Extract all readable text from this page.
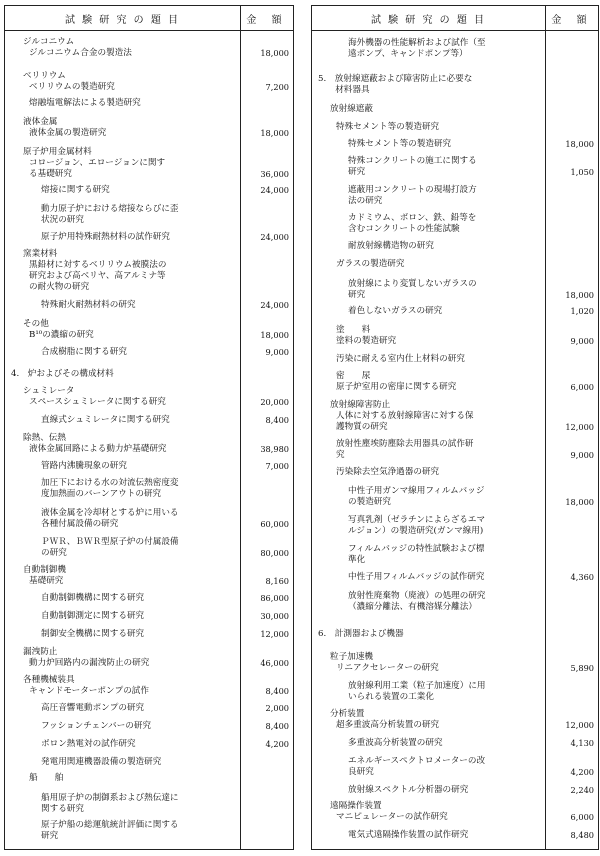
試 験 研 究 の 題 目	金 額
ジルコニウム
ジルコニウム合金の製造法	18,000
ベリリウム
ベリリウムの製造研究	7,200
熔融塩電解法による製造研究
液体金属
液体金属の製造研究	18,000
原子炉用金属材料
コロージョン、エロージョンに関す
る基礎研究	36,000
熔接に関する研究	24,000
動力原子炉における熔接ならびに歪
状況の研究
原子炉用特殊耐熱材料の試作研究	24,000
窯業材料
黒鉛材に対するベリリウム被膜法の
研究および高ベリヤ、高アルミナ等
の耐火物の研究
特殊耐火耐熱材料の研究	24,000
その他
B¹⁰の濃縮の研究	18,000
合成樹脂に関する研究	9,000
4.　炉およびその構成材料
シュミレータ
スペースシュミレータに関する研究	20,000
直線式シュミレータに関する研究	8,400
除熱、伝熱
液体金属回路による動力炉基礎研究	38,980
管路内沸騰現象の研究	7,000
加圧下における水の対流伝熱密度変
度加熱面のバーンアウトの研究
液体金属を冷却材とする炉に用いる
各種付属設備の研究	60,000
ＰＷＲ、ＢＷＲ型原子炉の付属設備
の研究	80,000
自動制御機
基礎研究	8,160
自動制御機構に関する研究	86,000
自動制御測定に関する研究	30,000
制御安全機構に関する研究	12,000
漏洩防止
動力炉回路内の漏洩防止の研究	46,000
各種機械装具
キャンドモーターポンプの試作	8,400
高圧音響電動ポンプの研究	2,000
フッションチェンバーの研究	8,400
ボロン熱電対の試作研究	4,200
発電用関連機器設備の製造研究
船　　舶
船用原子炉の制御系および熱伝達に
関する研究
原子炉船の総運航統計評価に関する
研究
試 験 研 究 の 題 目	金 額
海外機器の性能解析および試作（至
遠ポンプ、キャンドポンプ等）
5.　放射線遮蔽および障害防止に必要な
　　材料器具
放射線遮蔽
特殊セメント等の製造研究
特殊セメント等の製造研究	18,000
特殊コンクリートの施工に関する
研究	1,050
遮蔽用コンクリートの現場打設方
法の研究
カドミウム、ボロン、鉄、鉛等を
含むコンクリートの性能試験
耐放射線構造物の研究
ガラスの製造研究
放射線により変質しないガラスの
研究	18,000
着色しないガラスの研究	1,020
塗　　料
塗料の製造研究	9,000
汚染に耐える室内仕上材料の研究
密　　尿
原子炉室用の密扉に関する研究	6,000
放射線障害防止
人体に対する放射線障害に対する保
護物質の研究	12,000
放射性塵埃防塵除去用器具の試作研
究	9,000
汚染除去空気浄過器の研究
中性子用ガンマ線用フィルムバッジ
の製造研究	18,000
写真乳剤（ゼラチンによらざるエマ
ルジョン）の製造研究(ガンマ線用)
フィルムバッジの特性試験および標
準化
中性子用フィルムバッジの試作研究	4,360
放射性廃棄物（廃液）の処理の研究
（濃縮分離法、有機溶媒分離法）
6.　計測器および機器
粒子加速機
リニアクセレーターの研究	5,890
放射線利用工業（粒子加速度）に用
いられる装置の工業化
分析装置
超多重波高分析装置の研究	12,000
多重波高分析装置の研究	4,130
エネルギースペクトロメーターの改
良研究	4,200
放射線スペクトル分析器の研究	2,240
遠隔操作装置
マニピュレーターの試作研究	6,000
電気式遠隔操作装置の試作研究	8,480
